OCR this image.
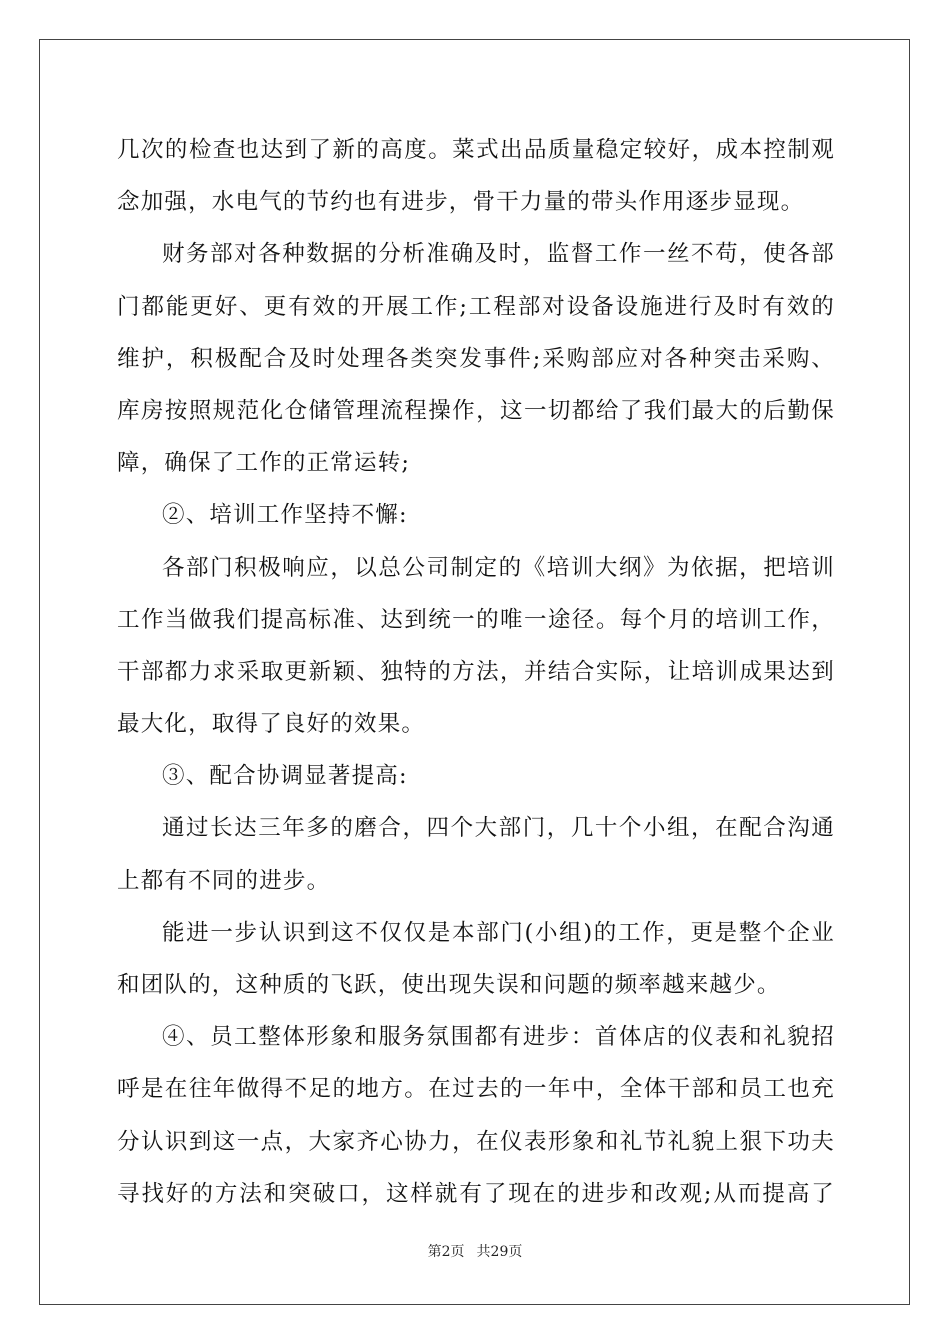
几次的检查也达到了新的高度。菜式出品质量稳定较好，成本控制观
念加强，水电气的节约也有进步，骨干力量的带头作用逐步显现。
财务部对各种数据的分析准确及时，监督工作一丝不苟，使各部
门都能更好、更有效的开展工作;工程部对设备设施进行及时有效的
维护，积极配合及时处理各类突发事件;采购部应对各种突击采购、
库房按照规范化仓储管理流程操作，这一切都给了我们最大的后勤保
障，确保了工作的正常运转;
②、培训工作坚持不懈:
各部门积极响应，以总公司制定的《培训大纲》为依据，把培训
工作当做我们提高标准、达到统一的唯一途径。每个月的培训工作，
干部都力求采取更新颖、独特的方法，并结合实际，让培训成果达到
最大化，取得了良好的效果。
③、配合协调显著提高:
通过长达三年多的磨合，四个大部门，几十个小组，在配合沟通
上都有不同的进步。
能进一步认识到这不仅仅是本部门(小组)的工作，更是整个企业
和团队的，这种质的飞跃，使出现失误和问题的频率越来越少。
④、员工整体形象和服务氛围都有进步：首体店的仪表和礼貌招
呼是在往年做得不足的地方。在过去的一年中，全体干部和员工也充
分认识到这一点，大家齐心协力，在仪表形象和礼节礼貌上狠下功夫
寻找好的方法和突破口，这样就有了现在的进步和改观;从而提高了
第2页 共29页
